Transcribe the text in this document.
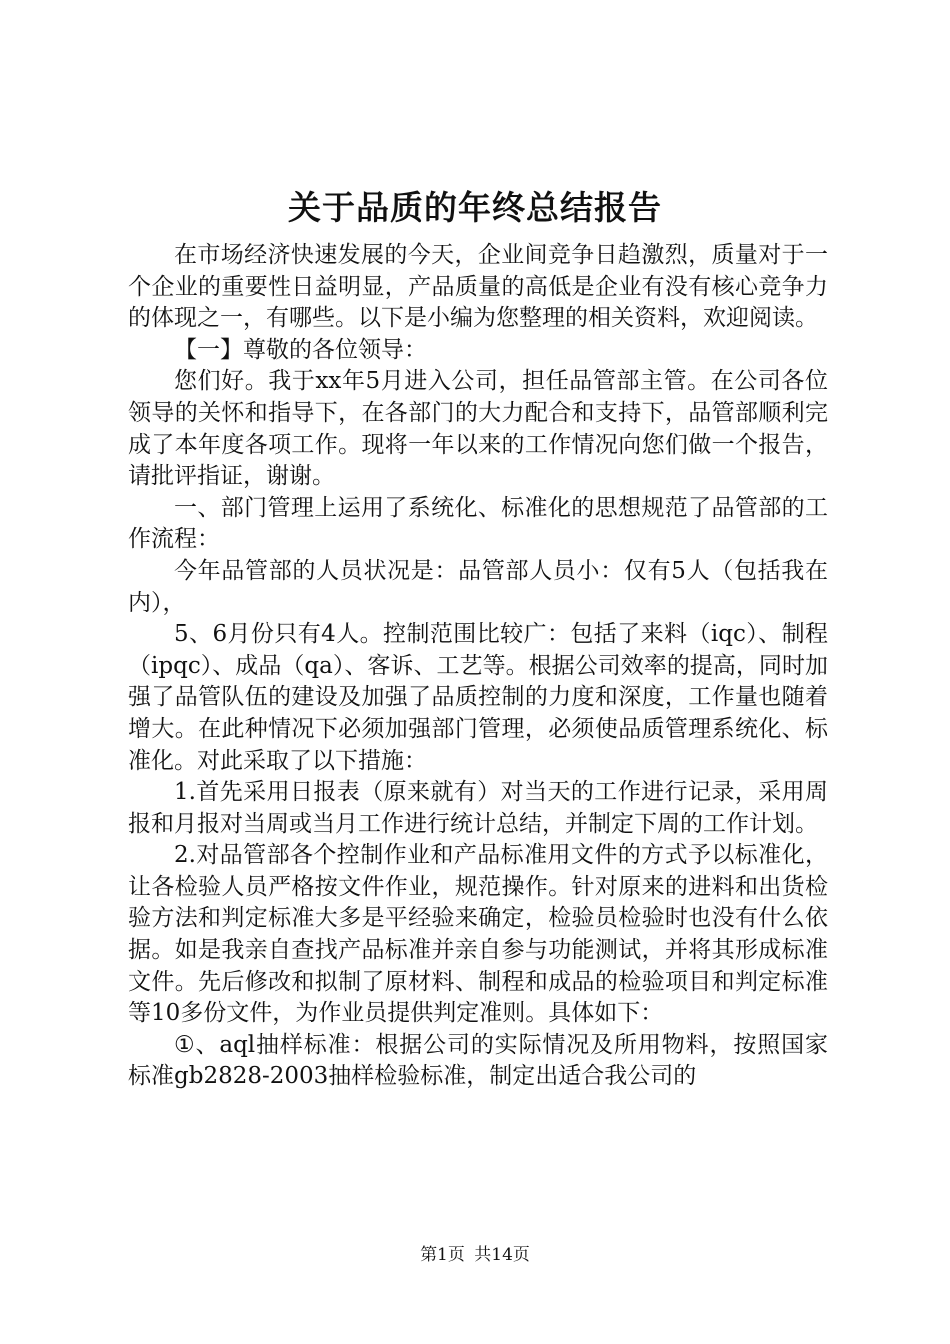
关于品质的年终总结报告

在市场经济快速发展的今天，企业间竞争日趋激烈，质量对于一个企业的重要性日益明显，产品质量的高低是企业有没有核心竞争力的体现之一，有哪些。以下是小编为您整理的相关资料，欢迎阅读。

【一】尊敬的各位领导：

您们好。我于xx年5月进入公司，担任品管部主管。在公司各位领导的关怀和指导下，在各部门的大力配合和支持下，品管部顺利完成了本年度各项工作。现将一年以来的工作情况向您们做一个报告，请批评指证，谢谢。

一、部门管理上运用了系统化、标准化的思想规范了品管部的工作流程：

今年品管部的人员状况是：品管部人员小：仅有5人（包括我在内），

5、6月份只有4人。控制范围比较广：包括了来料（iqc）、制程（ipqc）、成品（qa）、客诉、工艺等。根据公司效率的提高，同时加强了品管队伍的建设及加强了品质控制的力度和深度，工作量也随着增大。在此种情况下必须加强部门管理，必须使品质管理系统化、标准化。对此采取了以下措施：

1.首先采用日报表（原来就有）对当天的工作进行记录，采用周报和月报对当周或当月工作进行统计总结，并制定下周的工作计划。

2.对品管部各个控制作业和产品标准用文件的方式予以标准化，让各检验人员严格按文件作业，规范操作。针对原来的进料和出货检验方法和判定标准大多是平经验来确定，检验员检验时也没有什么依据。如是我亲自查找产品标准并亲自参与功能测试，并将其形成标准文件。先后修改和拟制了原材料、制程和成品的检验项目和判定标准等10多份文件，为作业员提供判定准则。具体如下：

①、aql抽样标准：根据公司的实际情况及所用物料，按照国家标准gb2828-2003抽样检验标准，制定出适合我公司的

第1页 共14页
